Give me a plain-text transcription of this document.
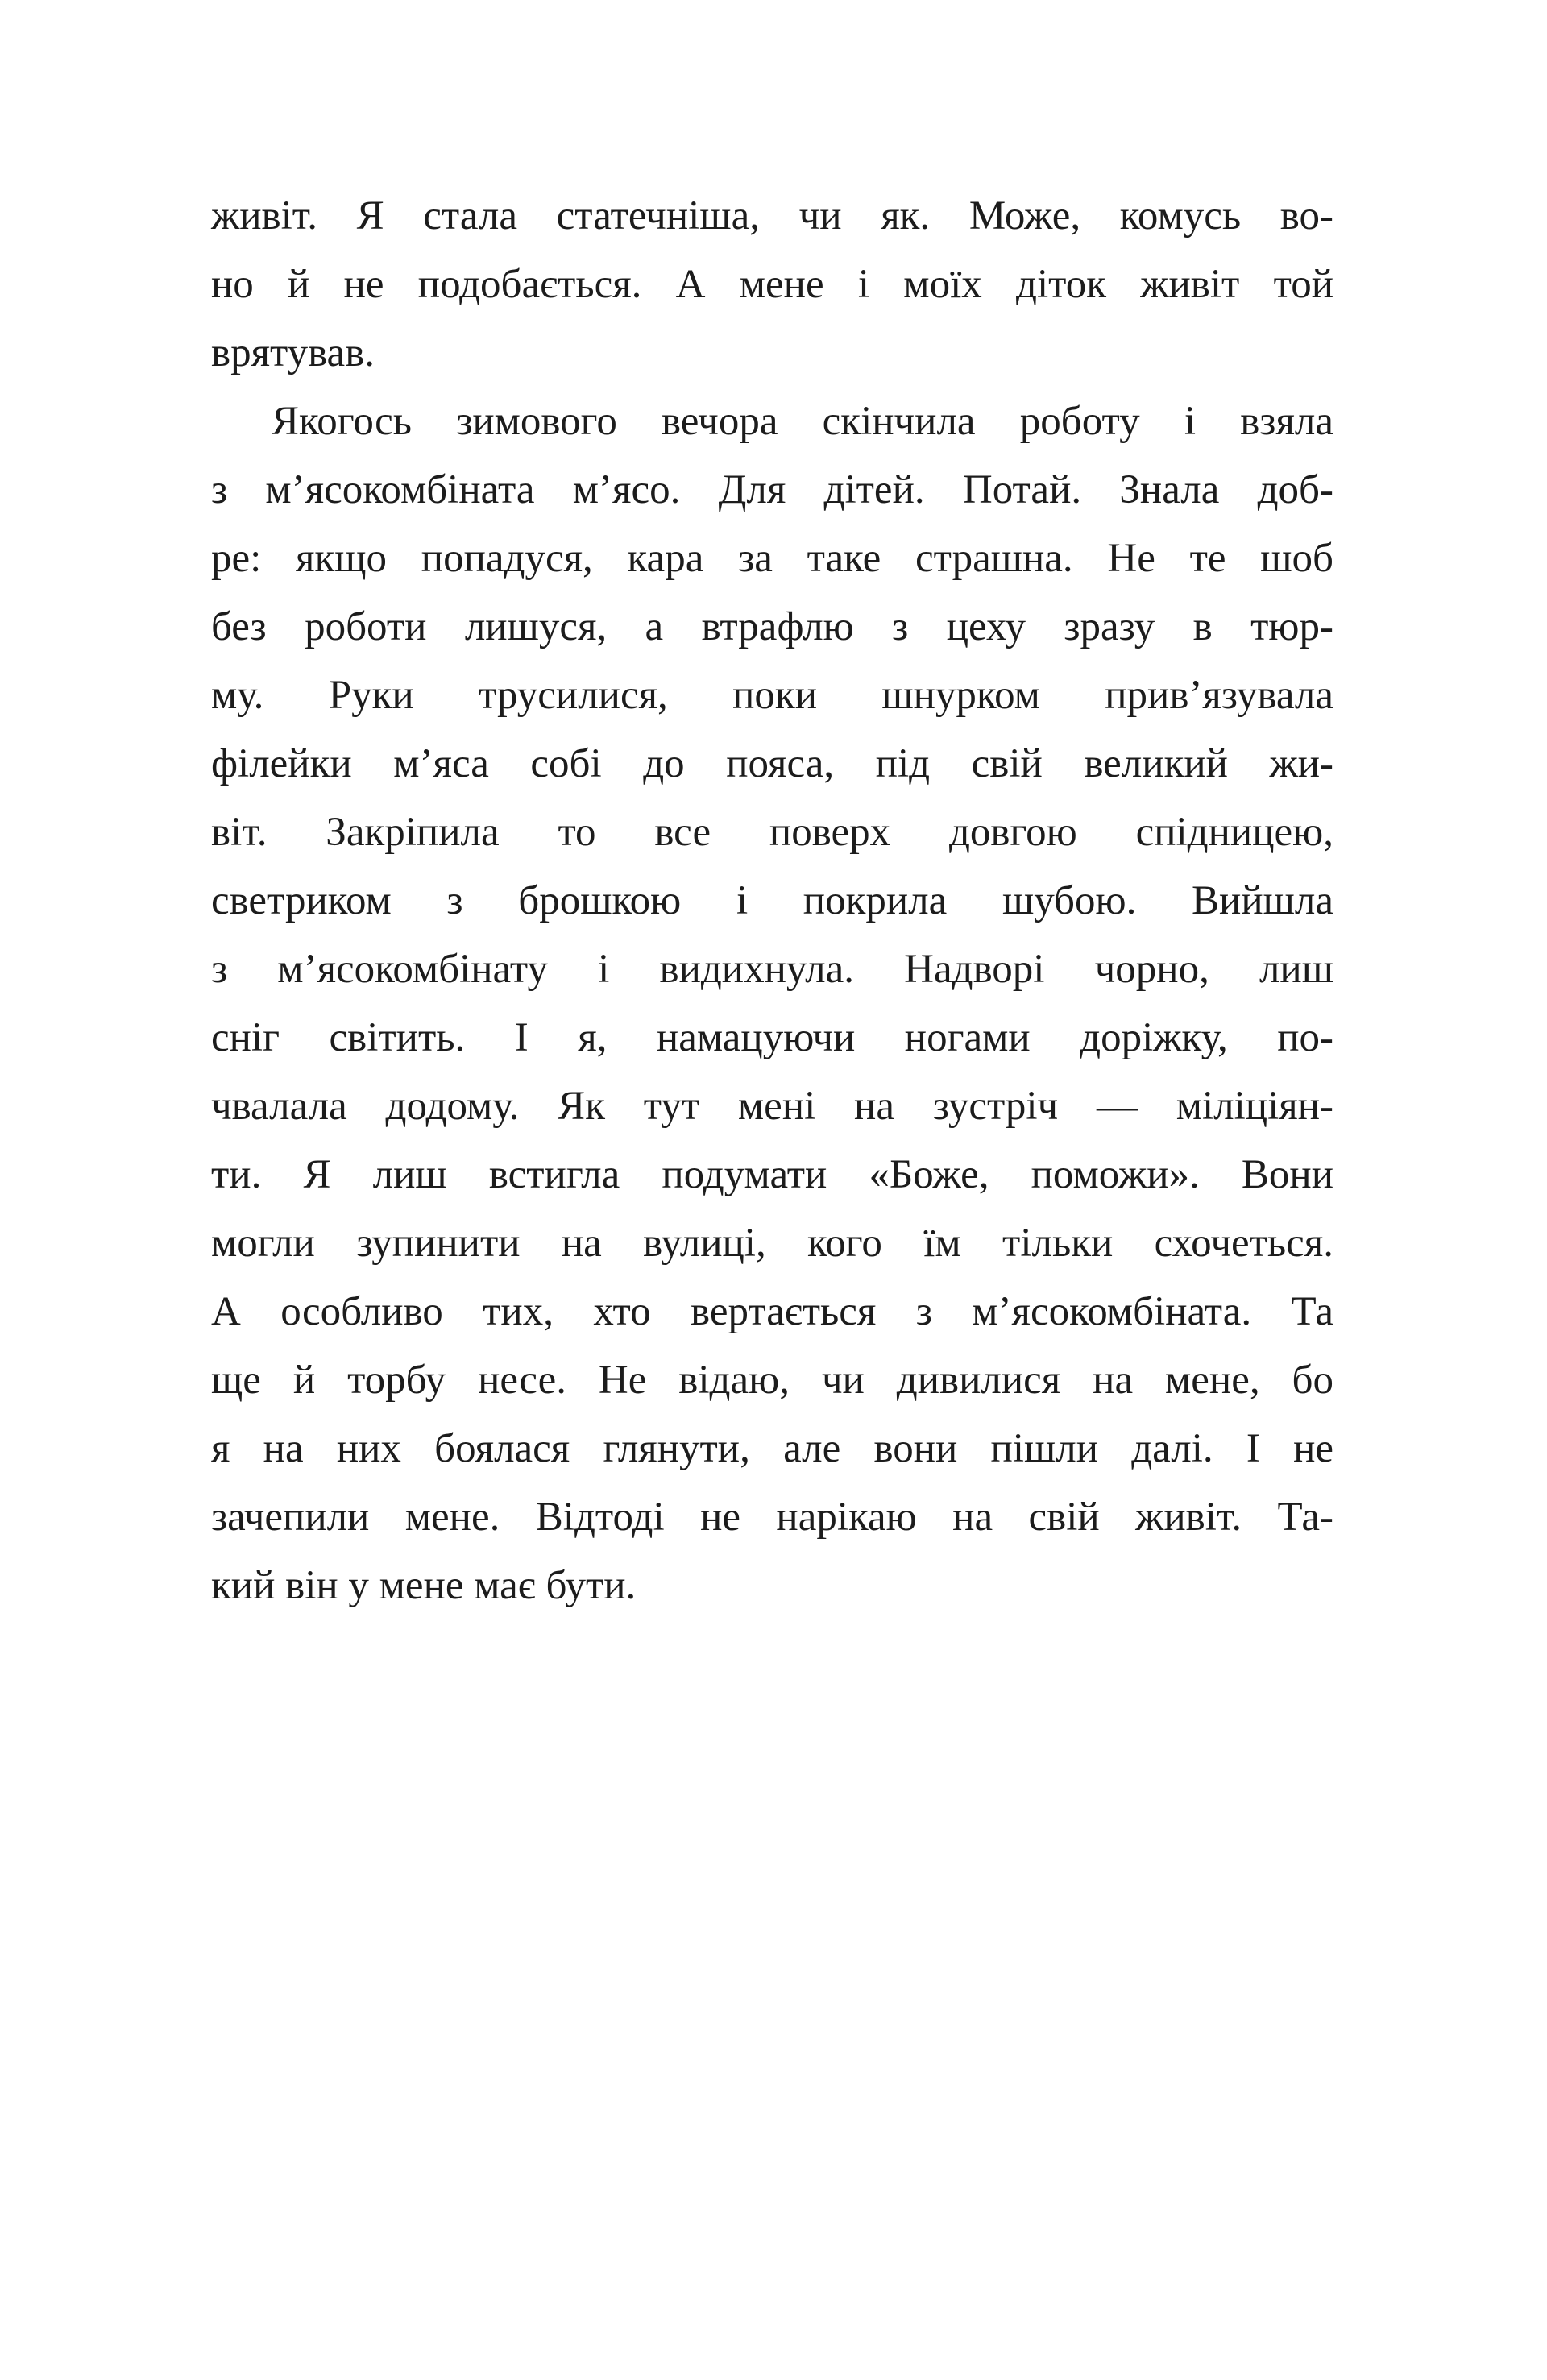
живіт. Я стала статечніша, чи як. Може, комусь во-
но й не подобається. А мене і моїх діток живіт той
врятував.
Якогось зимового вечора скінчила роботу і взяла
з м’ясокомбіната м’ясо. Для дітей. Потай. Знала доб-
ре: якщо попадуся, кара за таке страшна. Не те шоб
без роботи лишуся, а втрафлю з цеху зразу в тюр-
му. Руки трусилися, поки шнурком прив’язувала
філейки м’яса собі до пояса, під свій великий жи-
віт. Закріпила то все поверх довгою спідницею,
светриком з брошкою і покрила шубою. Вийшла
з м’ясокомбінату і видихнула. Надворі чорно, лиш
сніг світить. І я, намацуючи ногами доріжку, по-
чвалала додому. Як тут мені на зустріч — міліціян-
ти. Я лиш встигла подумати «Боже, поможи». Вони
могли зупинити на вулиці, кого їм тільки схочеться.
А особливо тих, хто вертається з м’ясокомбіната. Та
ще й торбу несе. Не відаю, чи дивилися на мене, бо
я на них боялася глянути, але вони пішли далі. І не
зачепили мене. Відтоді не нарікаю на свій живіт. Та-
кий він у мене має бути.
